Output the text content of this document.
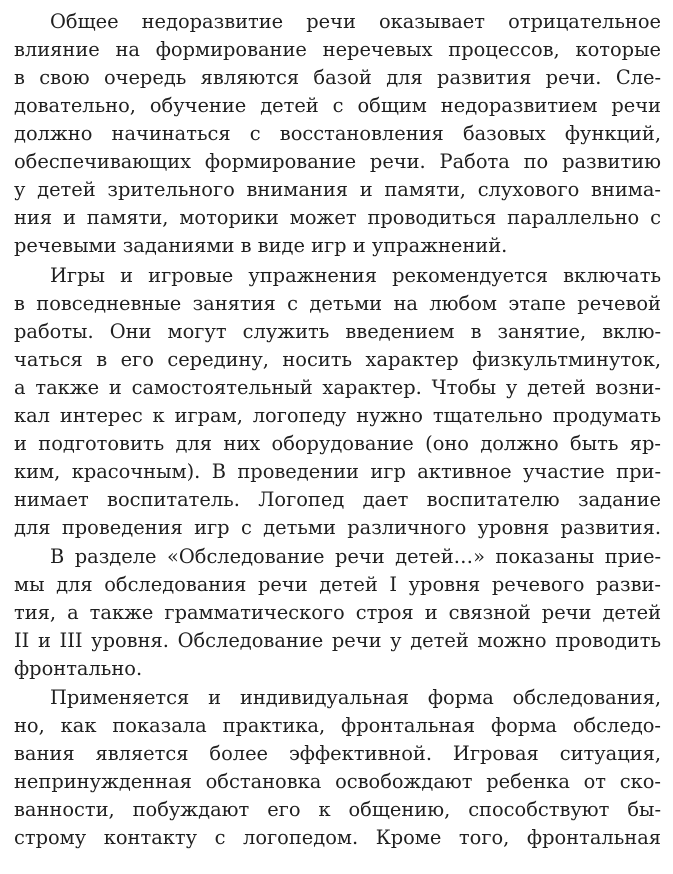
Общее недоразвитие речи оказывает отрицательное
влияние на формирование неречевых процессов, которые
в свою очередь являются базой для развития речи. Сле-
довательно, обучение детей с общим недоразвитием речи
должно начинаться с восстановления базовых функций,
обеспечивающих формирование речи. Работа по развитию
у детей зрительного внимания и памяти, слухового внима-
ния и памяти, моторики может проводиться параллельно с
речевыми заданиями в виде игр и упражнений.
Игры и игровые упражнения рекомендуется включать
в повседневные занятия с детьми на любом этапе речевой
работы. Они могут служить введением в занятие, вклю-
чаться в его середину, носить характер физкультминуток,
а также и самостоятельный характер. Чтобы у детей возни-
кал интерес к играм, логопеду нужно тщательно продумать
и подготовить для них оборудование (оно должно быть яр-
ким, красочным). В проведении игр активное участие при-
нимает воспитатель. Логопед дает воспитателю задание
для проведения игр с детьми различного уровня развития.
В разделе «Обследование речи детей…» показаны прие-
мы для обследования речи детей I уровня речевого разви-
тия, а также грамматического строя и связной речи детей
II и III уровня. Обследование речи у детей можно проводить
фронтально.
Применяется и индивидуальная форма обследования,
но, как показала практика, фронтальная форма обследо-
вания является более эффективной. Игровая ситуация,
непринужденная обстановка освобождают ребенка от ско-
ванности, побуждают его к общению, способствуют бы-
строму контакту с логопедом. Кроме того, фронтальная
